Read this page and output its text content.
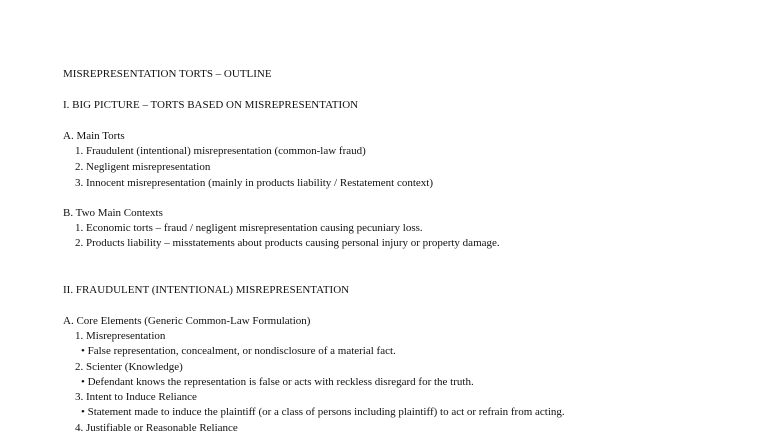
MISREPRESENTATION TORTS – OUTLINE

I. BIG PICTURE – TORTS BASED ON MISREPRESENTATION

A. Main Torts

1. Fraudulent (intentional) misrepresentation (common-law fraud)

2. Negligent misrepresentation

3. Innocent misrepresentation (mainly in products liability / Restatement context)

B. Two Main Contexts

1. Economic torts – fraud / negligent misrepresentation causing pecuniary loss.

2. Products liability – misstatements about products causing personal injury or property damage.

II. FRAUDULENT (INTENTIONAL) MISREPRESENTATION

A. Core Elements (Generic Common-Law Formulation)

1. Misrepresentation

• False representation, concealment, or nondisclosure of a material fact.

2. Scienter (Knowledge)

• Defendant knows the representation is false or acts with reckless disregard for the truth.

3. Intent to Induce Reliance

• Statement made to induce the plaintiff (or a class of persons including plaintiff) to act or refrain from acting.

4. Justifiable or Reasonable Reliance
